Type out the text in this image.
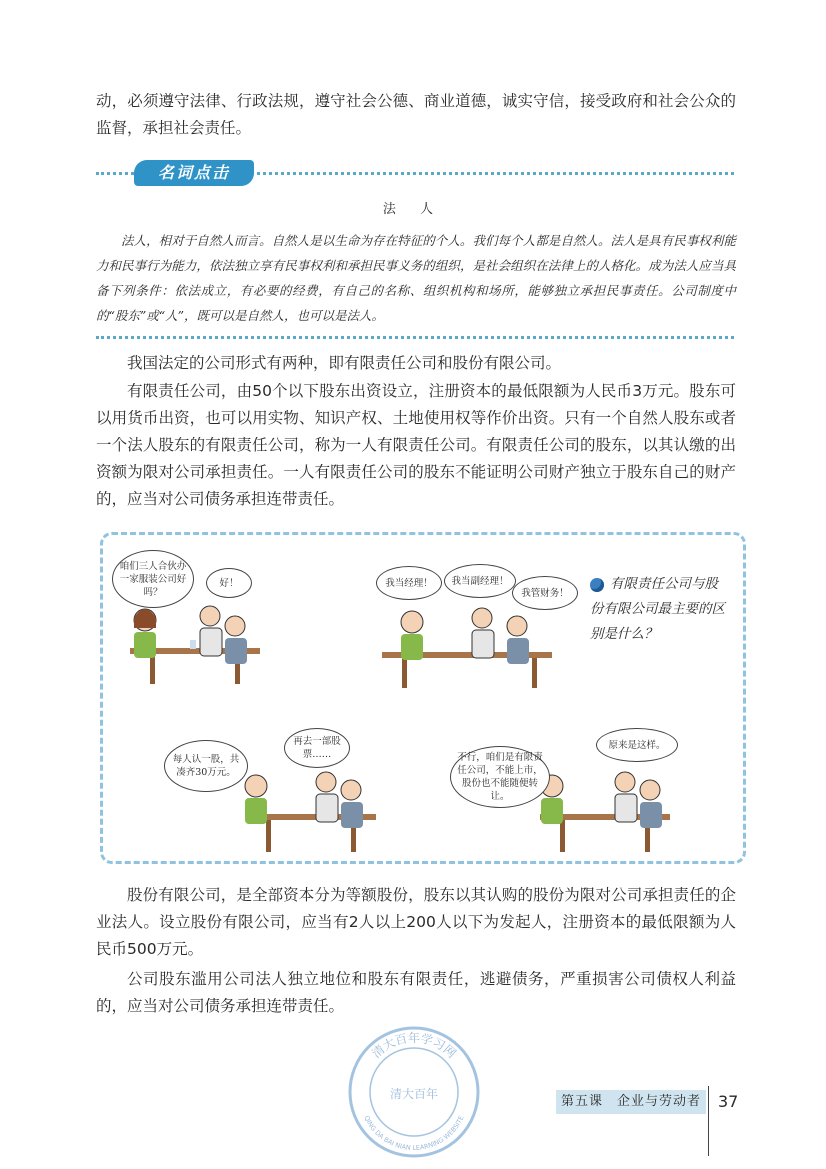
动，必须遵守法律、行政法规，遵守社会公德、商业道德，诚实守信，接受政府和社会公众的监督，承担社会责任。

名词点击
法 人

法人，相对于自然人而言。自然人是以生命为存在特征的个人。我们每个人都是自然人。法人是具有民事权利能力和民事行为能力，依法独立享有民事权利和承担民事义务的组织，是社会组织在法律上的人格化。成为法人应当具备下列条件：依法成立，有必要的经费，有自己的名称、组织机构和场所，能够独立承担民事责任。公司制度中的“股东”或“人”，既可以是自然人，也可以是法人。

我国法定的公司形式有两种，即有限责任公司和股份有限公司。

有限责任公司，由50个以下股东出资设立，注册资本的最低限额为人民币3万元。股东可以用货币出资，也可以用实物、知识产权、土地使用权等作价出资。只有一个自然人股东或者一个法人股东的有限责任公司，称为一人有限责任公司。有限责任公司的股东，以其认缴的出资额为限对公司承担责任。一人有限责任公司的股东不能证明公司财产独立于股东自己的财产的，应当对公司债务承担连带责任。

咱们三人合伙办一家服装公司好吗？
好！	我当经理！	我当副经理！
我管财务！
有限责任公司与股份有限公司最主要的区别是什么？
每人认一股，共凑齐30万元。
再去一部股票……	不行，咱们是有限责任公司，不能上市，股份也不能随便转让。
原来是这样。

股份有限公司，是全部资本分为等额股份，股东以其认购的股份为限对公司承担责任的企业法人。设立股份有限公司，应当有2人以上200人以下为发起人，注册资本的最低限额为人民币500万元。

公司股东滥用公司法人独立地位和股东有限责任，逃避债务，严重损害公司债权人利益的，应当对公司债务承担连带责任。

清大百年学习网
QING DA BAI NIAN LEARNING WEBSITE
清大百年	第五课　企业与劳动者	37
